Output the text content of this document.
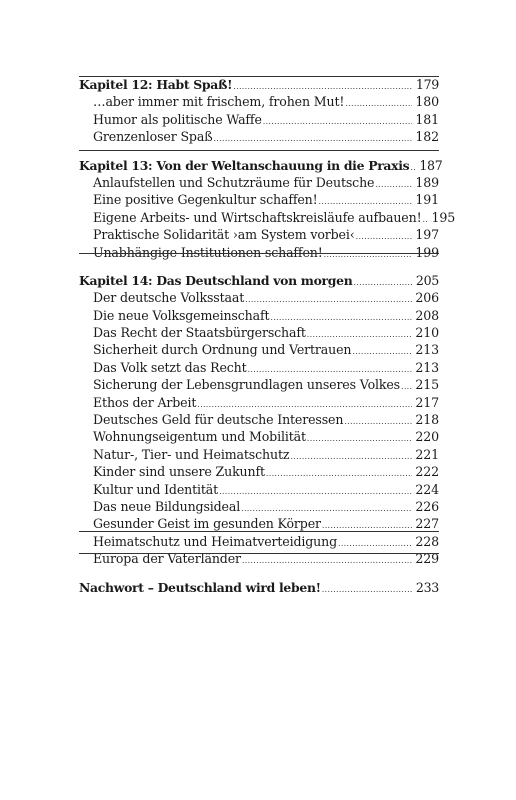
Kapitel 12: Habt Spaß! .....	179
…aber immer mit frischem, frohen Mut! .....	180
Humor als politische Waffe .....	181
Grenzenloser Spaß .....	182
Kapitel 13: Von der Weltanschauung in die Praxis ..... 187
Anlaufstellen und Schutzräume für Deutsche .....	189
Eine positive Gegenkultur schaffen! .....	191
Eigene Arbeits- und Wirtschaftskreisläufe aufbauen! ..... 195
Praktische Solidarität ›am System vorbei‹ .....	197
Unabhängige Institutionen schaffen! .....	199
Kapitel 14: Das Deutschland von morgen .....	205
Der deutsche Volksstaat .....	206
Die neue Volksgemeinschaft .....	208
Das Recht der Staatsbürgerschaft .....	210
Sicherheit durch Ordnung und Vertrauen .....	213
Das Volk setzt das Recht .....	213
Sicherung der Lebensgrundlagen unseres Volkes ..... 215
Ethos der Arbeit .....	217
Deutsches Geld für deutsche Interessen .....	218
Wohnungseigentum und Mobilität .....	220
Natur-, Tier- und Heimatschutz .....	221
Kinder sind unsere Zukunft .....	222
Kultur und Identität .....	224
Das neue Bildungsideal .....	226
Gesunder Geist im gesunden Körper .....	227
Heimatschutz und Heimatverteidigung .....	228
Europa der Vaterländer .....	229
Nachwort – Deutschland wird leben! .....	233
